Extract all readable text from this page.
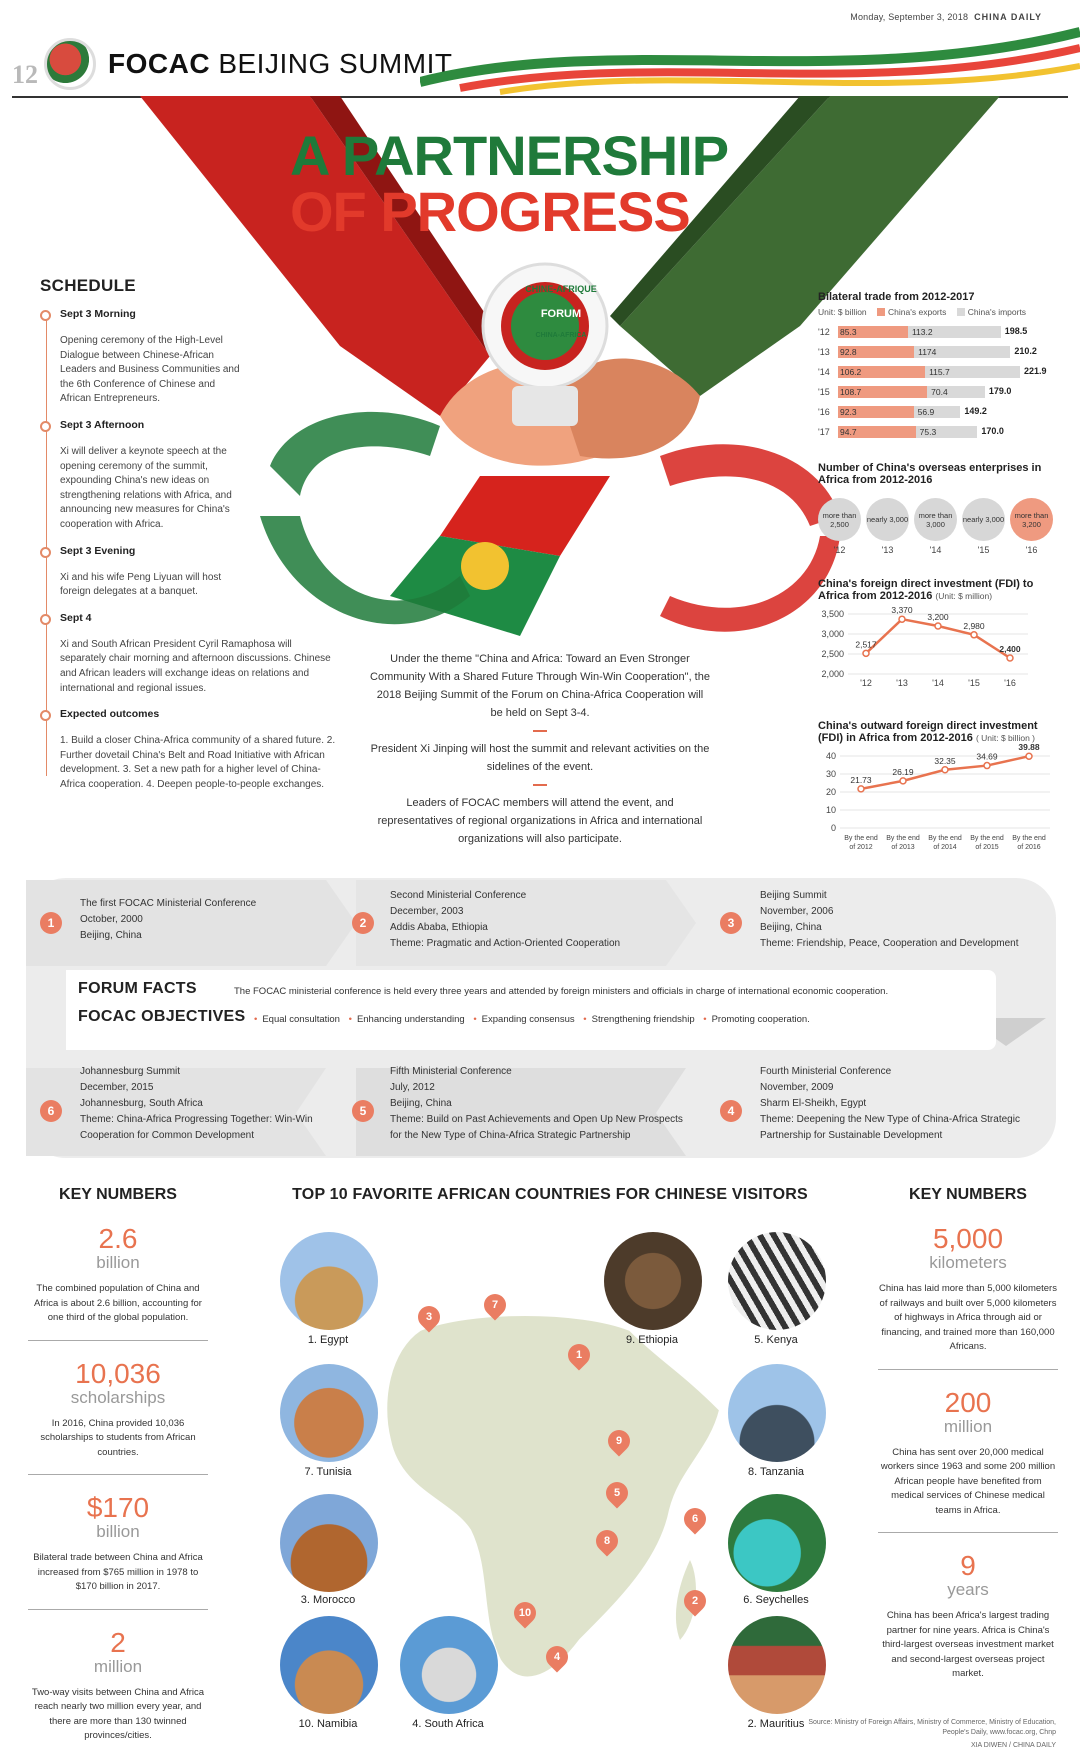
Monday, September 3, 2018 CHINA DAILY
12	FOCAC BEIJING SUMMIT
A PARTNERSHIP
OF PROGRESS
CHINE-AFRIQUE
FORUM
CHINA-AFRICA
SCHEDULE
Sept 3 Morning

Opening ceremony of the High-Level Dialogue between Chinese-African Leaders and Business Communities and the 6th Conference of Chinese and African Entrepreneurs.

Sept 3 Afternoon

Xi will deliver a keynote speech at the opening ceremony of the summit, expounding China's new ideas on strengthening relations with Africa, and announcing new measures for China's cooperation with Africa.

Sept 3 Evening

Xi and his wife Peng Liyuan will host foreign delegates at a banquet.

Sept 4

Xi and South African President Cyril Ramaphosa will separately chair morning and afternoon discussions. Chinese and African leaders will exchange ideas on relations and international and regional issues.

Expected outcomes

1. Build a closer China-Africa community of a shared future. 2. Further dovetail China's Belt and Road Initiative with African development. 3. Set a new path for a higher level of China-Africa cooperation. 4. Deepen people-to-people exchanges.

Under the theme "China and Africa: Toward an Even Stronger Community With a Shared Future Through Win-Win Cooperation", the 2018 Beijing Summit of the Forum on China-Africa Cooperation will be held on Sept 3-4.

President Xi Jinping will host the summit and relevant activities on the sidelines of the event.

Leaders of FOCAC members will attend the event, and representatives of regional organizations in Africa and international organizations will also participate.

Bilateral trade from 2012-2017
Unit: $ billion	China's exports	China's imports
'12 85.3	113.2	198.5
'13 92.8	1174	210.2
'14 106.2	115.7	221.9
'15 108.7	70.4	179.0
'16 92.3	56.9	149.2
'17 94.7	75.3	170.0
Number of China's overseas enterprises in Africa from 2012-2016
more than 2,500	nearly 3,000	more than 3,000	nearly 3,000	more than 3,200
'12	'13	'14	'15	'16
China's foreign direct investment (FDI) to Africa from 2012-2016 (Unit: $ million)
2,000
2,500
3,000
3,500
2,517
'12
3,370
'13
3,200
'14
2,980
'15
2,400
'16
China's outward foreign direct investment (FDI) in Africa from 2012-2016 ( Unit: $ billion )
0
10
20
30
40
21.73
By the end
of 2012
26.19
By the end
of 2013
32.35
By the end
of 2014
34.69
By the end
of 2015
39.88
By the end
of 2016
1
The first FOCAC Ministerial Conference
October, 2000
Beijing, China
2
Second Ministerial Conference
December, 2003
Addis Ababa, Ethiopia
Theme: Pragmatic and Action-Oriented Cooperation
3
Beijing Summit
November, 2006
Beijing, China
Theme: Friendship, Peace, Cooperation and Development
FORUM FACTS	The FOCAC ministerial conference is held every three years and attended by foreign ministers and officials in charge of international economic cooperation.
FOCAC OBJECTIVES • Equal consultation • Enhancing understanding • Expanding consensus • Strengthening friendship • Promoting cooperation.
6
Johannesburg Summit
December, 2015
Johannesburg, South Africa
Theme: China-Africa Progressing Together: Win-Win
Cooperation for Common Development
5
Fifth Ministerial Conference
July, 2012
Beijing, China
Theme: Build on Past Achievements and Open Up New Prospects
for the New Type of China-Africa Strategic Partnership
4
Fourth Ministerial Conference
November, 2009
Sharm El-Sheikh, Egypt
Theme: Deepening the New Type of China-Africa Strategic
Partnership for Sustainable Development
KEY NUMBERS
2.6
billion
The combined population of China and Africa is about 2.6 billion, accounting for one third of the global population.
10,036
scholarships
In 2016, China provided 10,036 scholarships to students from African countries.
$170
billion
Bilateral trade between China and Africa increased from $765 million in 1978 to $170 billion in 2017.
2
million
Two-way visits between China and Africa reach nearly two million every year, and there are more than 130 twinned provinces/cities.
KEY NUMBERS
5,000
kilometers
China has laid more than 5,000 kilometers of railways and built over 5,000 kilometers of highways in Africa through aid or financing, and trained more than 160,000 Africans.
200
million
China has sent over 20,000 medical workers since 1963 and some 200 million African people have benefited from medical services of Chinese medical teams in Africa.
9
years
China has been Africa's largest trading partner for nine years. Africa is China's third-largest overseas investment market and second-largest overseas project market.
TOP 10 FAVORITE AFRICAN COUNTRIES FOR CHINESE VISITORS
1. Egypt
7. Tunisia
3. Morocco
10. Namibia	4. South Africa
9. Ethiopia	5. Kenya
8. Tanzania
6. Seychelles
2. Mauritius
1
2
3
4
5
6
7
8
9
10
Source: Ministry of Foreign Affairs, Ministry of Commerce, Ministry of Education, People's Daily, www.focac.org, Chnp
XIA DIWEN / CHINA DAILY
